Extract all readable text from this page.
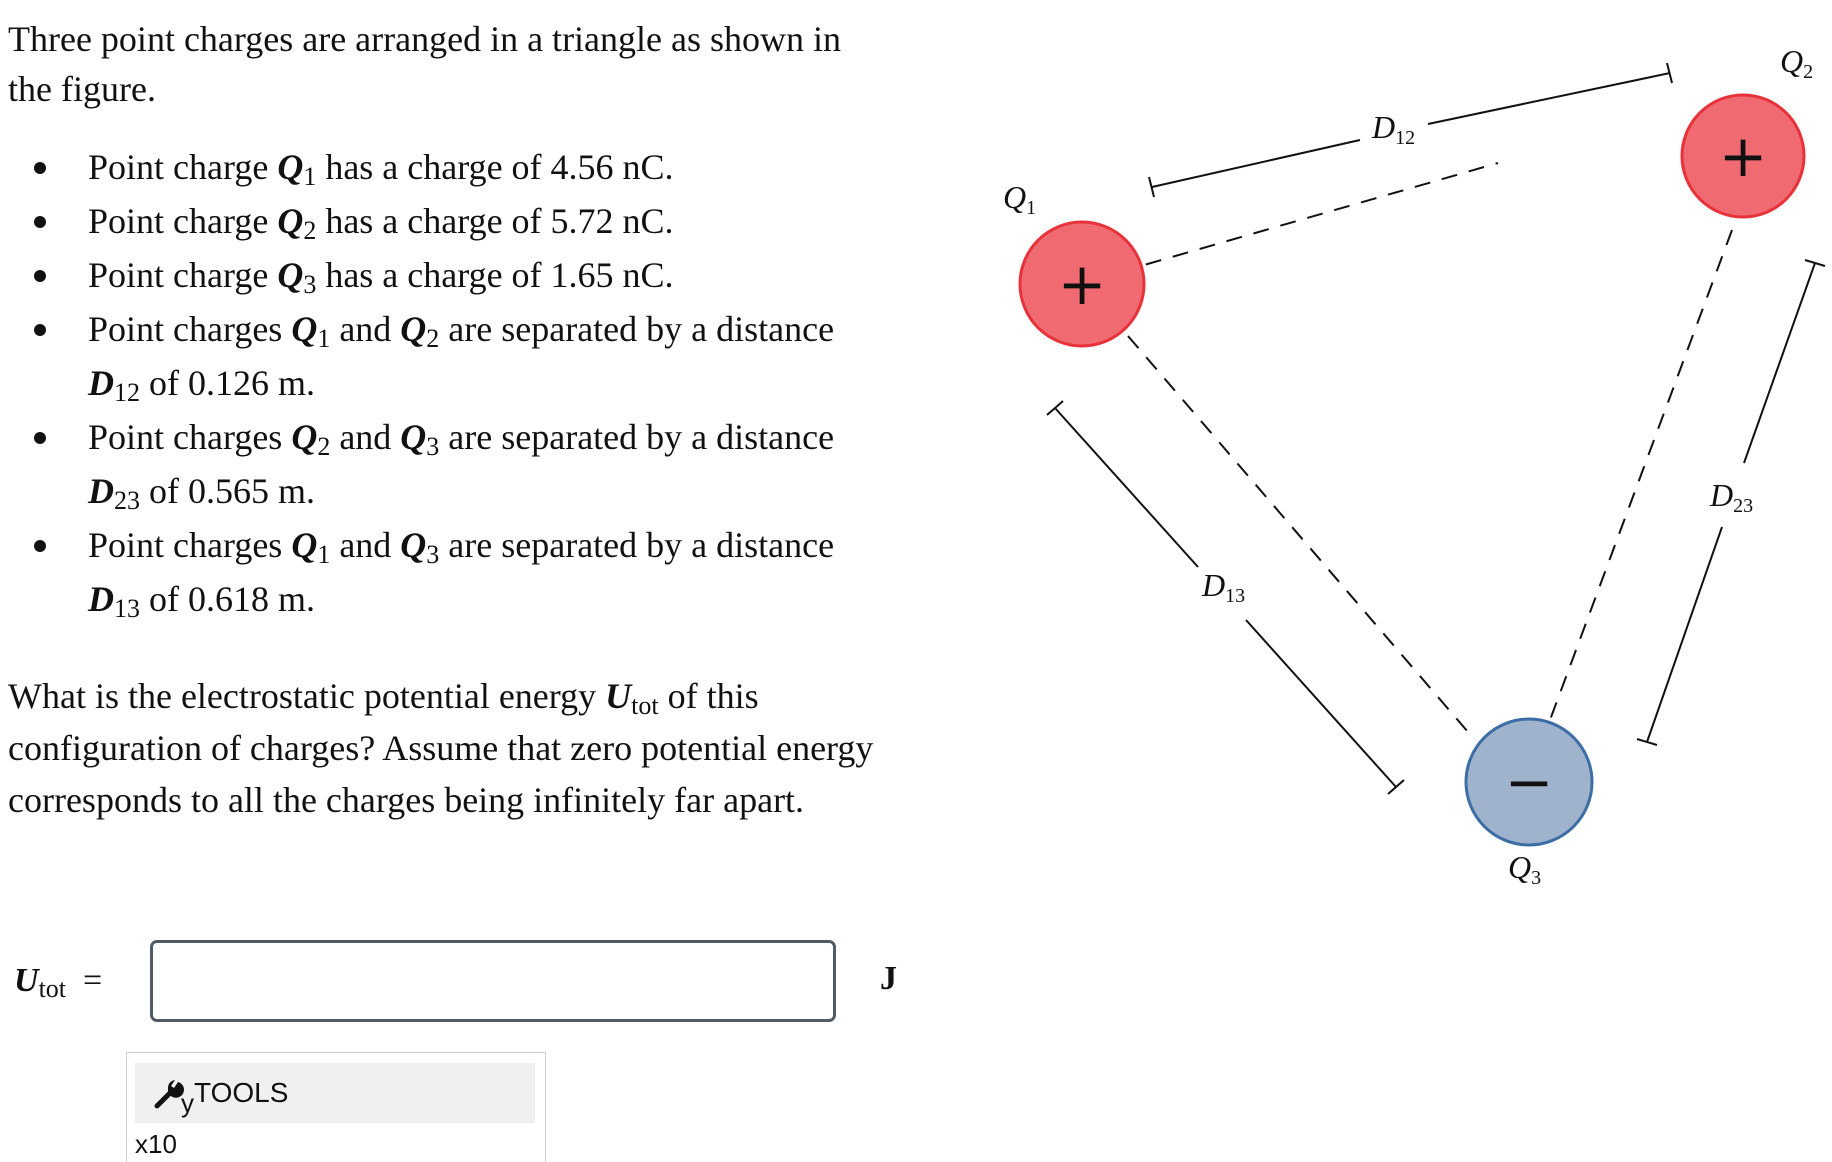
Three point charges are arranged in a triangle as shown in the figure.

Point charge $Q_1$ has a charge of 4.56 nC.
Point charge $Q_2$ has a charge of 5.72 nC.
Point charge $Q_3$ has a charge of 1.65 nC.
Point charges $Q_1$ and $Q_2$ are separated by a distance $D_{12}$ of 0.126 m.
Point charges $Q_2$ and $Q_3$ are separated by a distance $D_{23}$ of 0.565 m.
Point charges $Q_1$ and $Q_3$ are separated by a distance $D_{13}$ of 0.618 m.

What is the electrostatic potential energy $U_{tot}$ of this configuration of charges? Assume that zero potential energy corresponds to all the charges being infinitely far apart.

$U_{tot}$ =	J
y TOOLS
x10
+
+
−
Q1
Q2
Q3
D12
D23
D13
